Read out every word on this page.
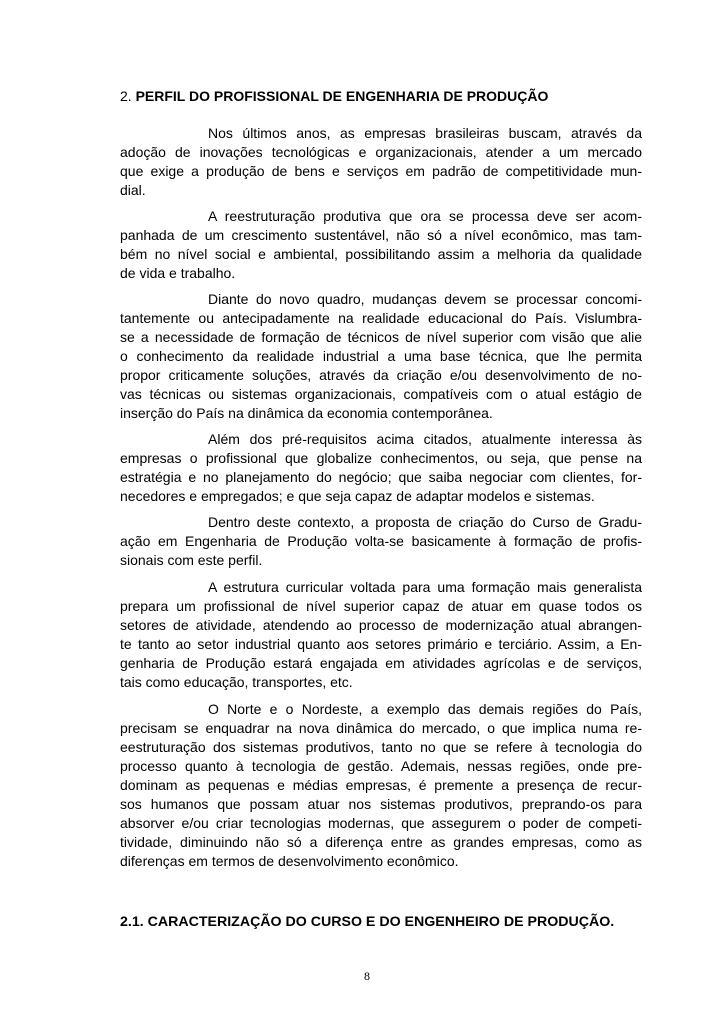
2. PERFIL DO PROFISSIONAL DE ENGENHARIA DE PRODUÇÃO
Nos últimos anos, as empresas brasileiras buscam, através da
adoção de inovações tecnológicas e organizacionais, atender a um mercado
que exige a produção de bens e serviços em padrão de competitividade mun-
dial.
A reestruturação produtiva que ora se processa deve ser acom-
panhada de um crescimento sustentável, não só a nível econômico, mas tam-
bém no nível social e ambiental, possibilitando assim a melhoria da qualidade
de vida e trabalho.
Diante do novo quadro, mudanças devem se processar concomi-
tantemente ou antecipadamente na realidade educacional do País. Vislumbra-
se a necessidade de formação de técnicos de nível superior com visão que alie
o conhecimento da realidade industrial a uma base técnica, que lhe permita
propor criticamente soluções, através da criação e/ou desenvolvimento de no-
vas técnicas ou sistemas organizacionais, compatíveis com o atual estágio de
inserção do País na dinâmica da economia contemporânea.
Além dos pré-requisitos acima citados, atualmente interessa às
empresas o profissional que globalize conhecimentos, ou seja, que pense na
estratégia e no planejamento do negócio; que saiba negociar com clientes, for-
necedores e empregados; e que seja capaz de adaptar modelos e sistemas.
Dentro deste contexto, a proposta de criação do Curso de Gradu-
ação em Engenharia de Produção volta-se basicamente à formação de profis-
sionais com este perfil.
A estrutura curricular voltada para uma formação mais generalista
prepara um profissional de nível superior capaz de atuar em quase todos os
setores de atividade, atendendo ao processo de modernização atual abrangen-
te tanto ao setor industrial quanto aos setores primário e terciário. Assim, a En-
genharia de Produção estará engajada em atividades agrícolas e de serviços,
tais como educação, transportes, etc.
O Norte e o Nordeste, a exemplo das demais regiões do País,
precisam se enquadrar na nova dinâmica do mercado, o que implica numa re-
eestruturação dos sistemas produtivos, tanto no que se refere à tecnologia do
processo quanto à tecnologia de gestão. Ademais, nessas regiões, onde pre-
dominam as pequenas e médias empresas, é premente a presença de recur-
sos humanos que possam atuar nos sistemas produtivos, preprando-os para
absorver e/ou criar tecnologias modernas, que assegurem o poder de competi-
tividade, diminuindo não só a diferença entre as grandes empresas, como as
diferenças em termos de desenvolvimento econômico.
2.1. CARACTERIZAÇÃO DO CURSO E DO ENGENHEIRO DE PRODUÇÃO.
8
